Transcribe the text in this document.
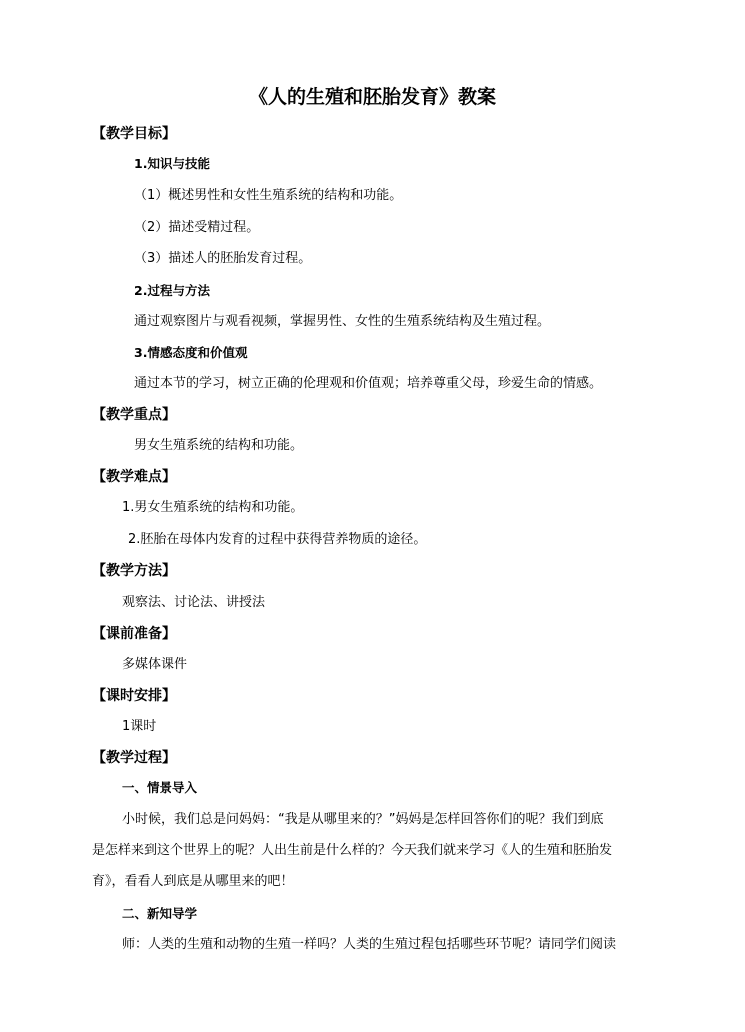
《人的生殖和胚胎发育》教案
【教学目标】
1.知识与技能
（1）概述男性和女性生殖系统的结构和功能。
（2）描述受精过程。
（3）描述人的胚胎发育过程。
2.过程与方法
通过观察图片与观看视频，掌握男性、女性的生殖系统结构及生殖过程。
3.情感态度和价值观
通过本节的学习，树立正确的伦理观和价值观；培养尊重父母，珍爱生命的情感。
【教学重点】
男女生殖系统的结构和功能。
【教学难点】
1.男女生殖系统的结构和功能。
2.胚胎在母体内发育的过程中获得营养物质的途径。
【教学方法】
观察法、讨论法、讲授法
【课前准备】
多媒体课件
【课时安排】
1课时
【教学过程】
一、情景导入
小时候，我们总是问妈妈：“我是从哪里来的？”妈妈是怎样回答你们的呢？我们到底
是怎样来到这个世界上的呢？人出生前是什么样的？今天我们就来学习《人的生殖和胚胎发
育》，看看人到底是从哪里来的吧！
二、新知导学
师：人类的生殖和动物的生殖一样吗？人类的生殖过程包括哪些环节呢？请同学们阅读
